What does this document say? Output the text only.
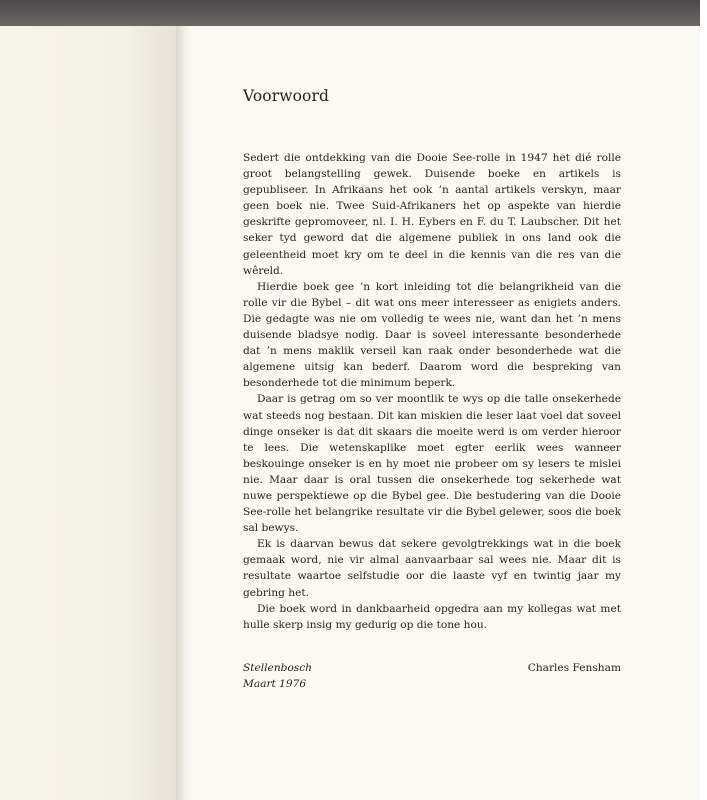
Voorwoord

Sedert die ontdekking van die Dooie See-rolle in 1947 het dié rolle groot belangstelling gewek. Duisende boeke en artikels is gepubliseer. In Afrikaans het ook ’n aantal artikels verskyn, maar geen boek nie. Twee Suid-Afrikaners het op aspekte van hierdie geskrifte gepromoveer, nl. I. H. Eybers en F. du T. Laubscher. Dit het seker tyd geword dat die algemene publiek in ons land ook die geleentheid moet kry om te deel in die kennis van die res van die wêreld.

Hierdie boek gee ’n kort inleiding tot die belangrikheid van die rolle vir die Bybel – dit wat ons meer interesseer as enigiets anders. Die gedagte was nie om volledig te wees nie, want dan het ’n mens duisende bladsye nodig. Daar is soveel interessante besonderhede dat ’n mens maklik verseil kan raak onder besonderhede wat die algemene uitsig kan bederf. Daarom word die bespreking van besonderhede tot die minimum beperk.

Daar is getrag om so ver moontlik te wys op die talle onsekerhede wat steeds nog bestaan. Dit kan miskien die leser laat voel dat soveel dinge onseker is dat dit skaars die moeite werd is om verder hieroor te lees. Die wetenskaplike moet egter eerlik wees wanneer beskouinge onseker is en hy moet nie probeer om sy lesers te mislei nie. Maar daar is oral tussen die onsekerhede tog sekerhede wat nuwe perspektiewe op die Bybel gee. Die bestudering van die Dooie See-rolle het belangrike resultate vir die Bybel gelewer, soos die boek sal bewys.

Ek is daarvan bewus dat sekere gevolgtrekkings wat in die boek gemaak word, nie vir almal aanvaarbaar sal wees nie. Maar dit is resultate waartoe selfstudie oor die laaste vyf en twintig jaar my gebring het.

Die boek word in dankbaarheid opgedra aan my kollegas wat met hulle skerp insig my gedurig op die tone hou.

Stellenbosch	Charles Fensham
Maart 1976
